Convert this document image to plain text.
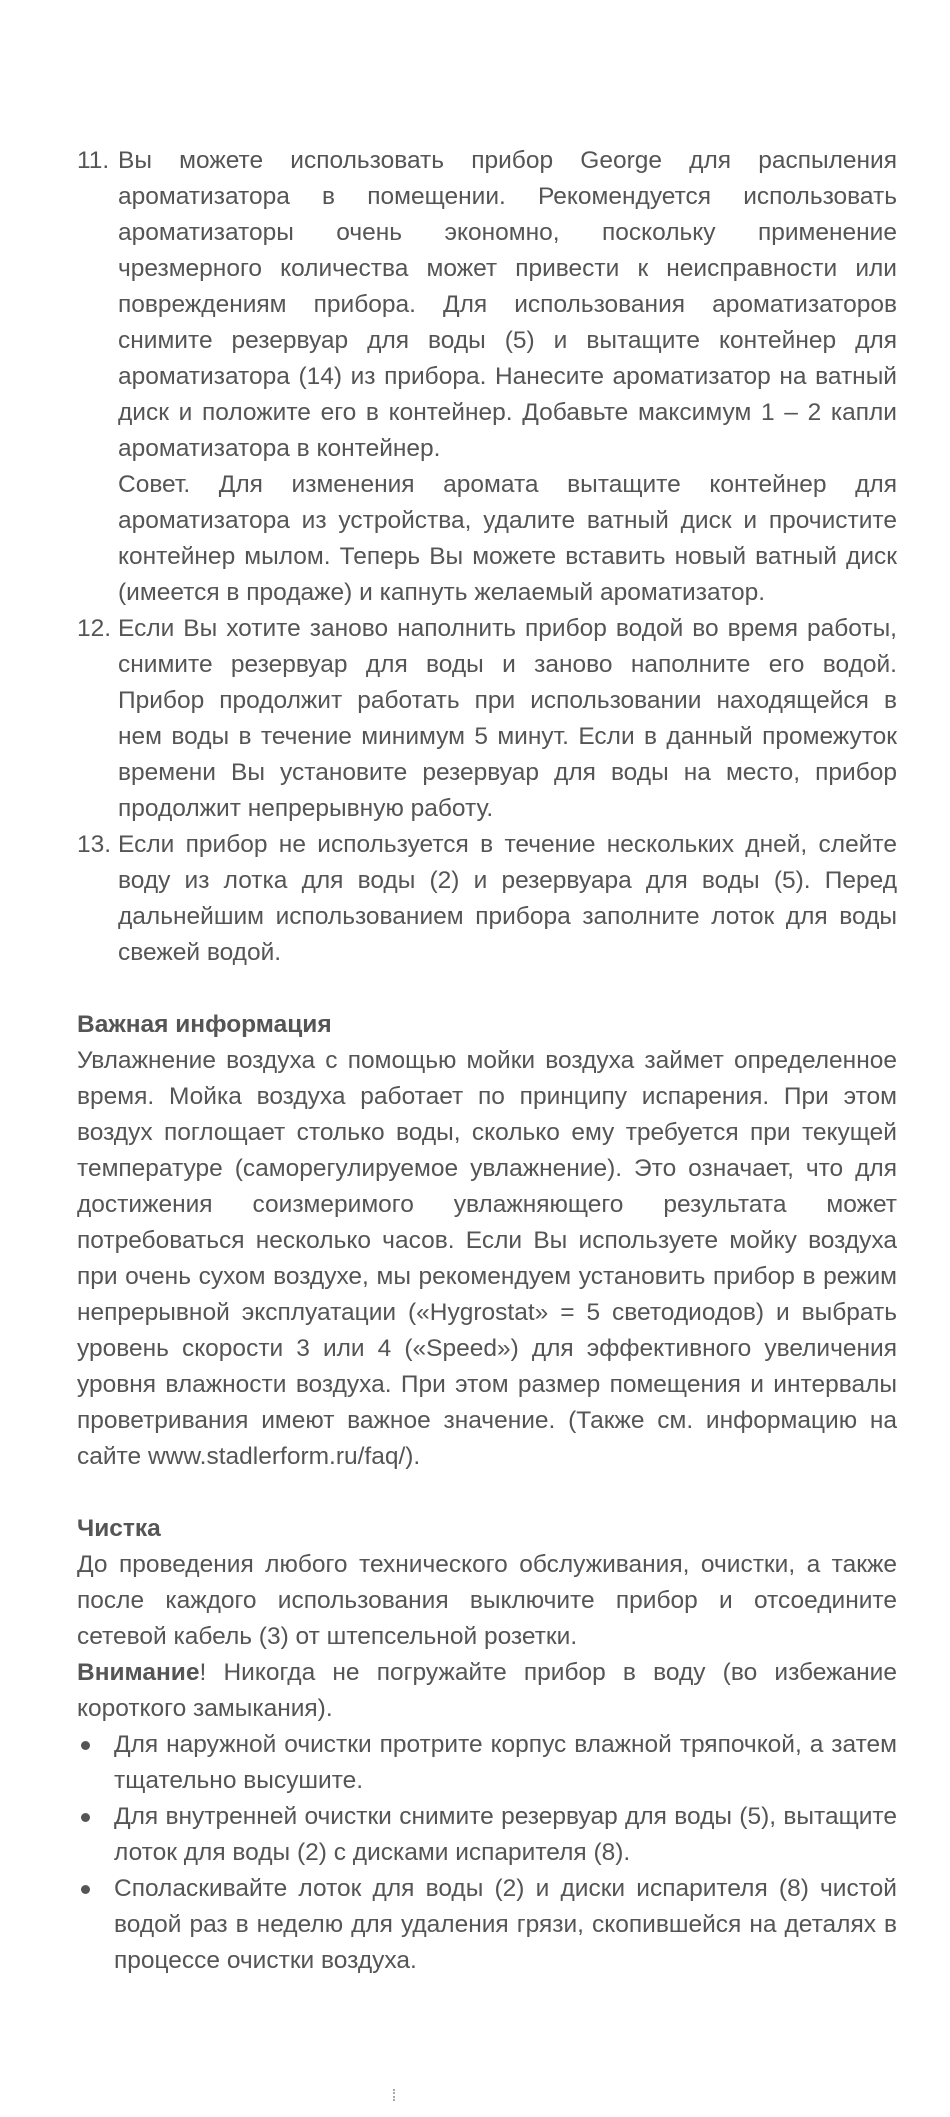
11. Вы можете использовать прибор George для распыления ароматизатора в помещении. Рекомендуется использовать ароматизаторы очень экономно, поскольку применение чрезмерного количества может привести к неисправности или повреждениям прибора. Для использования ароматизаторов снимите резервуар для воды (5) и вытащите контейнер для ароматизатора (14) из прибора. Нанесите ароматизатор на ватный диск и положите его в контейнер. Добавьте максимум 1 – 2 капли ароматизатора в контейнер.

Совет. Для изменения аромата вытащите контейнер для ароматизатора из устройства, удалите ватный диск и прочистите контейнер мылом. Теперь Вы можете вставить новый ватный диск (имеется в продаже) и капнуть желаемый ароматизатор.

12. Если Вы хотите заново наполнить прибор водой во время работы, снимите резервуар для воды и заново наполните его водой. Прибор продолжит работать при использовании находящейся в нем воды в течение минимум 5 минут. Если в данный промежуток времени Вы установите резервуар для воды на место, прибор продолжит непрерывную работу.

13. Если прибор не используется в течение нескольких дней, слейте воду из лотка для воды (2) и резервуара для воды (5). Перед дальнейшим использованием прибора заполните лоток для воды свежей водой.

Важная информация

Увлажнение воздуха с помощью мойки воздуха займет определенное время. Мойка воздуха работает по принципу испарения. При этом воздух поглощает столько воды, сколько ему требуется при текущей температуре (саморегулируемое увлажнение). Это означает, что для достижения соизмеримого увлажняющего результата может потребоваться несколько часов. Если Вы используете мойку воздуха при очень сухом воздухе, мы рекомендуем установить прибор в режим непрерывной эксплуатации («Hygrostat» = 5 светодиодов) и выбрать уровень скорости 3 или 4 («Speed») для эффективного увеличения уровня влажности воздуха. При этом размер помещения и интервалы проветривания имеют важное значение. (Также см. информацию на сайте www.stadlerform.ru/faq/).

Чистка

До проведения любого технического обслуживания, очистки, а также после каждого использования выключите прибор и отсоедините сетевой кабель (3) от штепсельной розетки.

Внимание! Никогда не погружайте прибор в воду (во избежание короткого замыкания).

Для наружной очистки протрите корпус влажной тряпочкой, а затем тщательно высушите.
Для внутренней очистки снимите резервуар для воды (5), вытащите лоток для воды (2) с дисками испарителя (8).
Споласкивайте лоток для воды (2) и диски испарителя (8) чистой водой раз в неделю для удаления грязи, скопившейся на деталях в процессе очистки воздуха.
